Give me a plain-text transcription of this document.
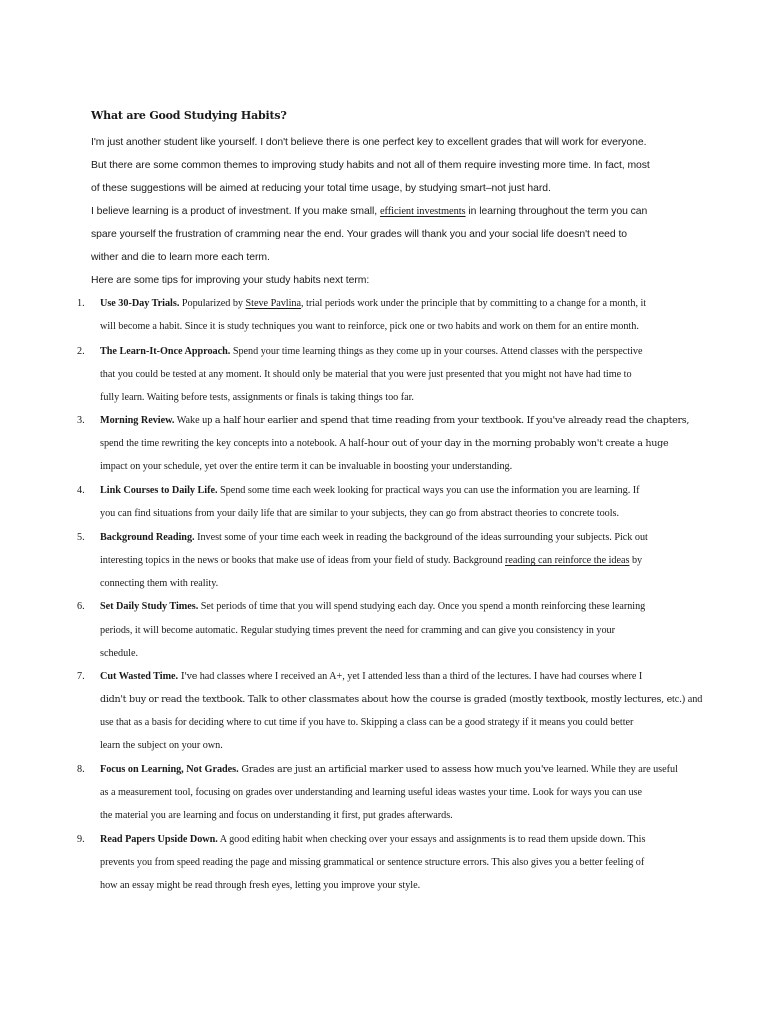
What are Good Studying Habits?
I'm just another student like yourself. I don't believe there is one perfect key to excellent grades that will work for everyone.
But there are some common themes to improving study habits and not all of them require investing more time. In fact, most
of these suggestions will be aimed at reducing your total time usage, by studying smart–not just hard.
I believe learning is a product of investment. If you make small, efficient investments in learning throughout the term you can
spare yourself the frustration of cramming near the end. Your grades will thank you and your social life doesn't need to
wither and die to learn more each term.
Here are some tips for improving your study habits next term:
1. Use 30-Day Trials. Popularized by Steve Pavlina, trial periods work under the principle that by committing to a change for a month, it
will become a habit. Since it is study techniques you want to reinforce, pick one or two habits and work on them for an entire month.
2. The Learn-It-Once Approach. Spend your time learning things as they come up in your courses. Attend classes with the perspective
that you could be tested at any moment. It should only be material that you were just presented that you might not have had time to
fully learn. Waiting before tests, assignments or finals is taking things too far.
3. Morning Review. Wake up a half hour earlier and spend that time reading from your textbook. If you've already read the chapters,
spend the time rewriting the key concepts into a notebook. A half-hour out of your day in the morning probably won't create a huge
impact on your schedule, yet over the entire term it can be invaluable in boosting your understanding.
4. Link Courses to Daily Life. Spend some time each week looking for practical ways you can use the information you are learning. If
you can find situations from your daily life that are similar to your subjects, they can go from abstract theories to concrete tools.
5. Background Reading. Invest some of your time each week in reading the background of the ideas surrounding your subjects. Pick out
interesting topics in the news or books that make use of ideas from your field of study. Background reading can reinforce the ideas by
connecting them with reality.
6. Set Daily Study Times. Set periods of time that you will spend studying each day. Once you spend a month reinforcing these learning
periods, it will become automatic. Regular studying times prevent the need for cramming and can give you consistency in your
schedule.
7. Cut Wasted Time. I've had classes where I received an A+, yet I attended less than a third of the lectures. I have had courses where I
didn't buy or read the textbook. Talk to other classmates about how the course is graded (mostly textbook, mostly lectures, etc.) and
use that as a basis for deciding where to cut time if you have to. Skipping a class can be a good strategy if it means you could better
learn the subject on your own.
8. Focus on Learning, Not Grades. Grades are just an artificial marker used to assess how much you've learned. While they are useful
as a measurement tool, focusing on grades over understanding and learning useful ideas wastes your time. Look for ways you can use
the material you are learning and focus on understanding it first, put grades afterwards.
9. Read Papers Upside Down. A good editing habit when checking over your essays and assignments is to read them upside down. This
prevents you from speed reading the page and missing grammatical or sentence structure errors. This also gives you a better feeling of
how an essay might be read through fresh eyes, letting you improve your style.
